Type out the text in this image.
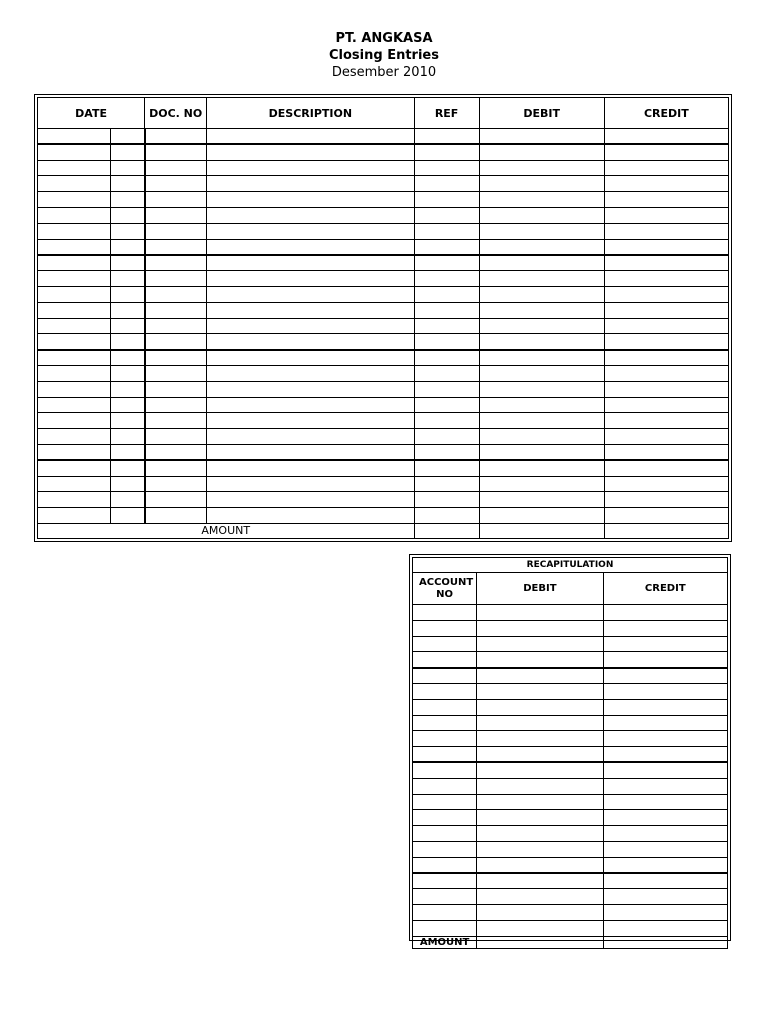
PT. ANGKASA
Closing Entries
Desember 2010
DATE		DOC. NO	DESCRIPTION	REF	DEBIT	CREDIT

AMOUNT						
RECAPITULATION		
ACCOUNT NO	DEBIT	CREDIT

AMOUNT		
